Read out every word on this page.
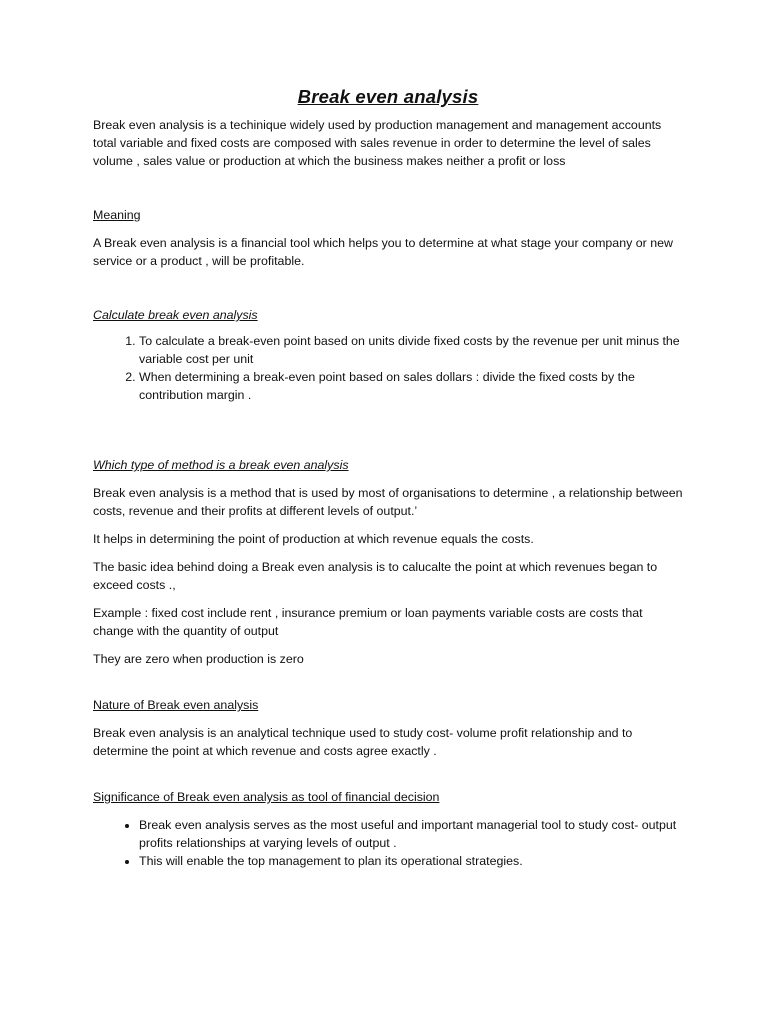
Break even analysis

Break even analysis is a techinique widely used by production management and management accounts total variable and fixed costs are composed with sales revenue in order to determine the level of sales volume , sales value or production at which the business makes neither a profit or loss

Meaning

A Break even analysis is a financial tool which helps you to determine at what stage your company or new service or a product , will be profitable.

Calculate break even analysis

1. To calculate a break-even point based on units divide fixed costs by the revenue per unit minus the variable cost per unit
2. When determining a break-even point based on sales dollars : divide the fixed costs by the contribution margin .

Which type of method is a break even analysis

Break even analysis is a method that is used by most of organisations to determine , a relationship between costs, revenue and their profits at different levels of output.’

It helps in determining the point of production at which revenue equals the costs.

The basic idea behind doing a Break even analysis is to calucalte the point at which revenues began to exceed costs .,

Example : fixed cost include rent , insurance premium or loan payments variable costs are costs that change with the quantity of output

They are zero when production is zero

Nature of Break even analysis

Break even analysis is an analytical technique used to study cost- volume profit relationship and to determine the point at which revenue and costs agree exactly .

Significance of Break even analysis as tool of financial decision

• Break even analysis serves as the most useful and important managerial tool to study cost- output profits relationships at varying levels of output .
• This will enable the top management to plan its operational strategies.
